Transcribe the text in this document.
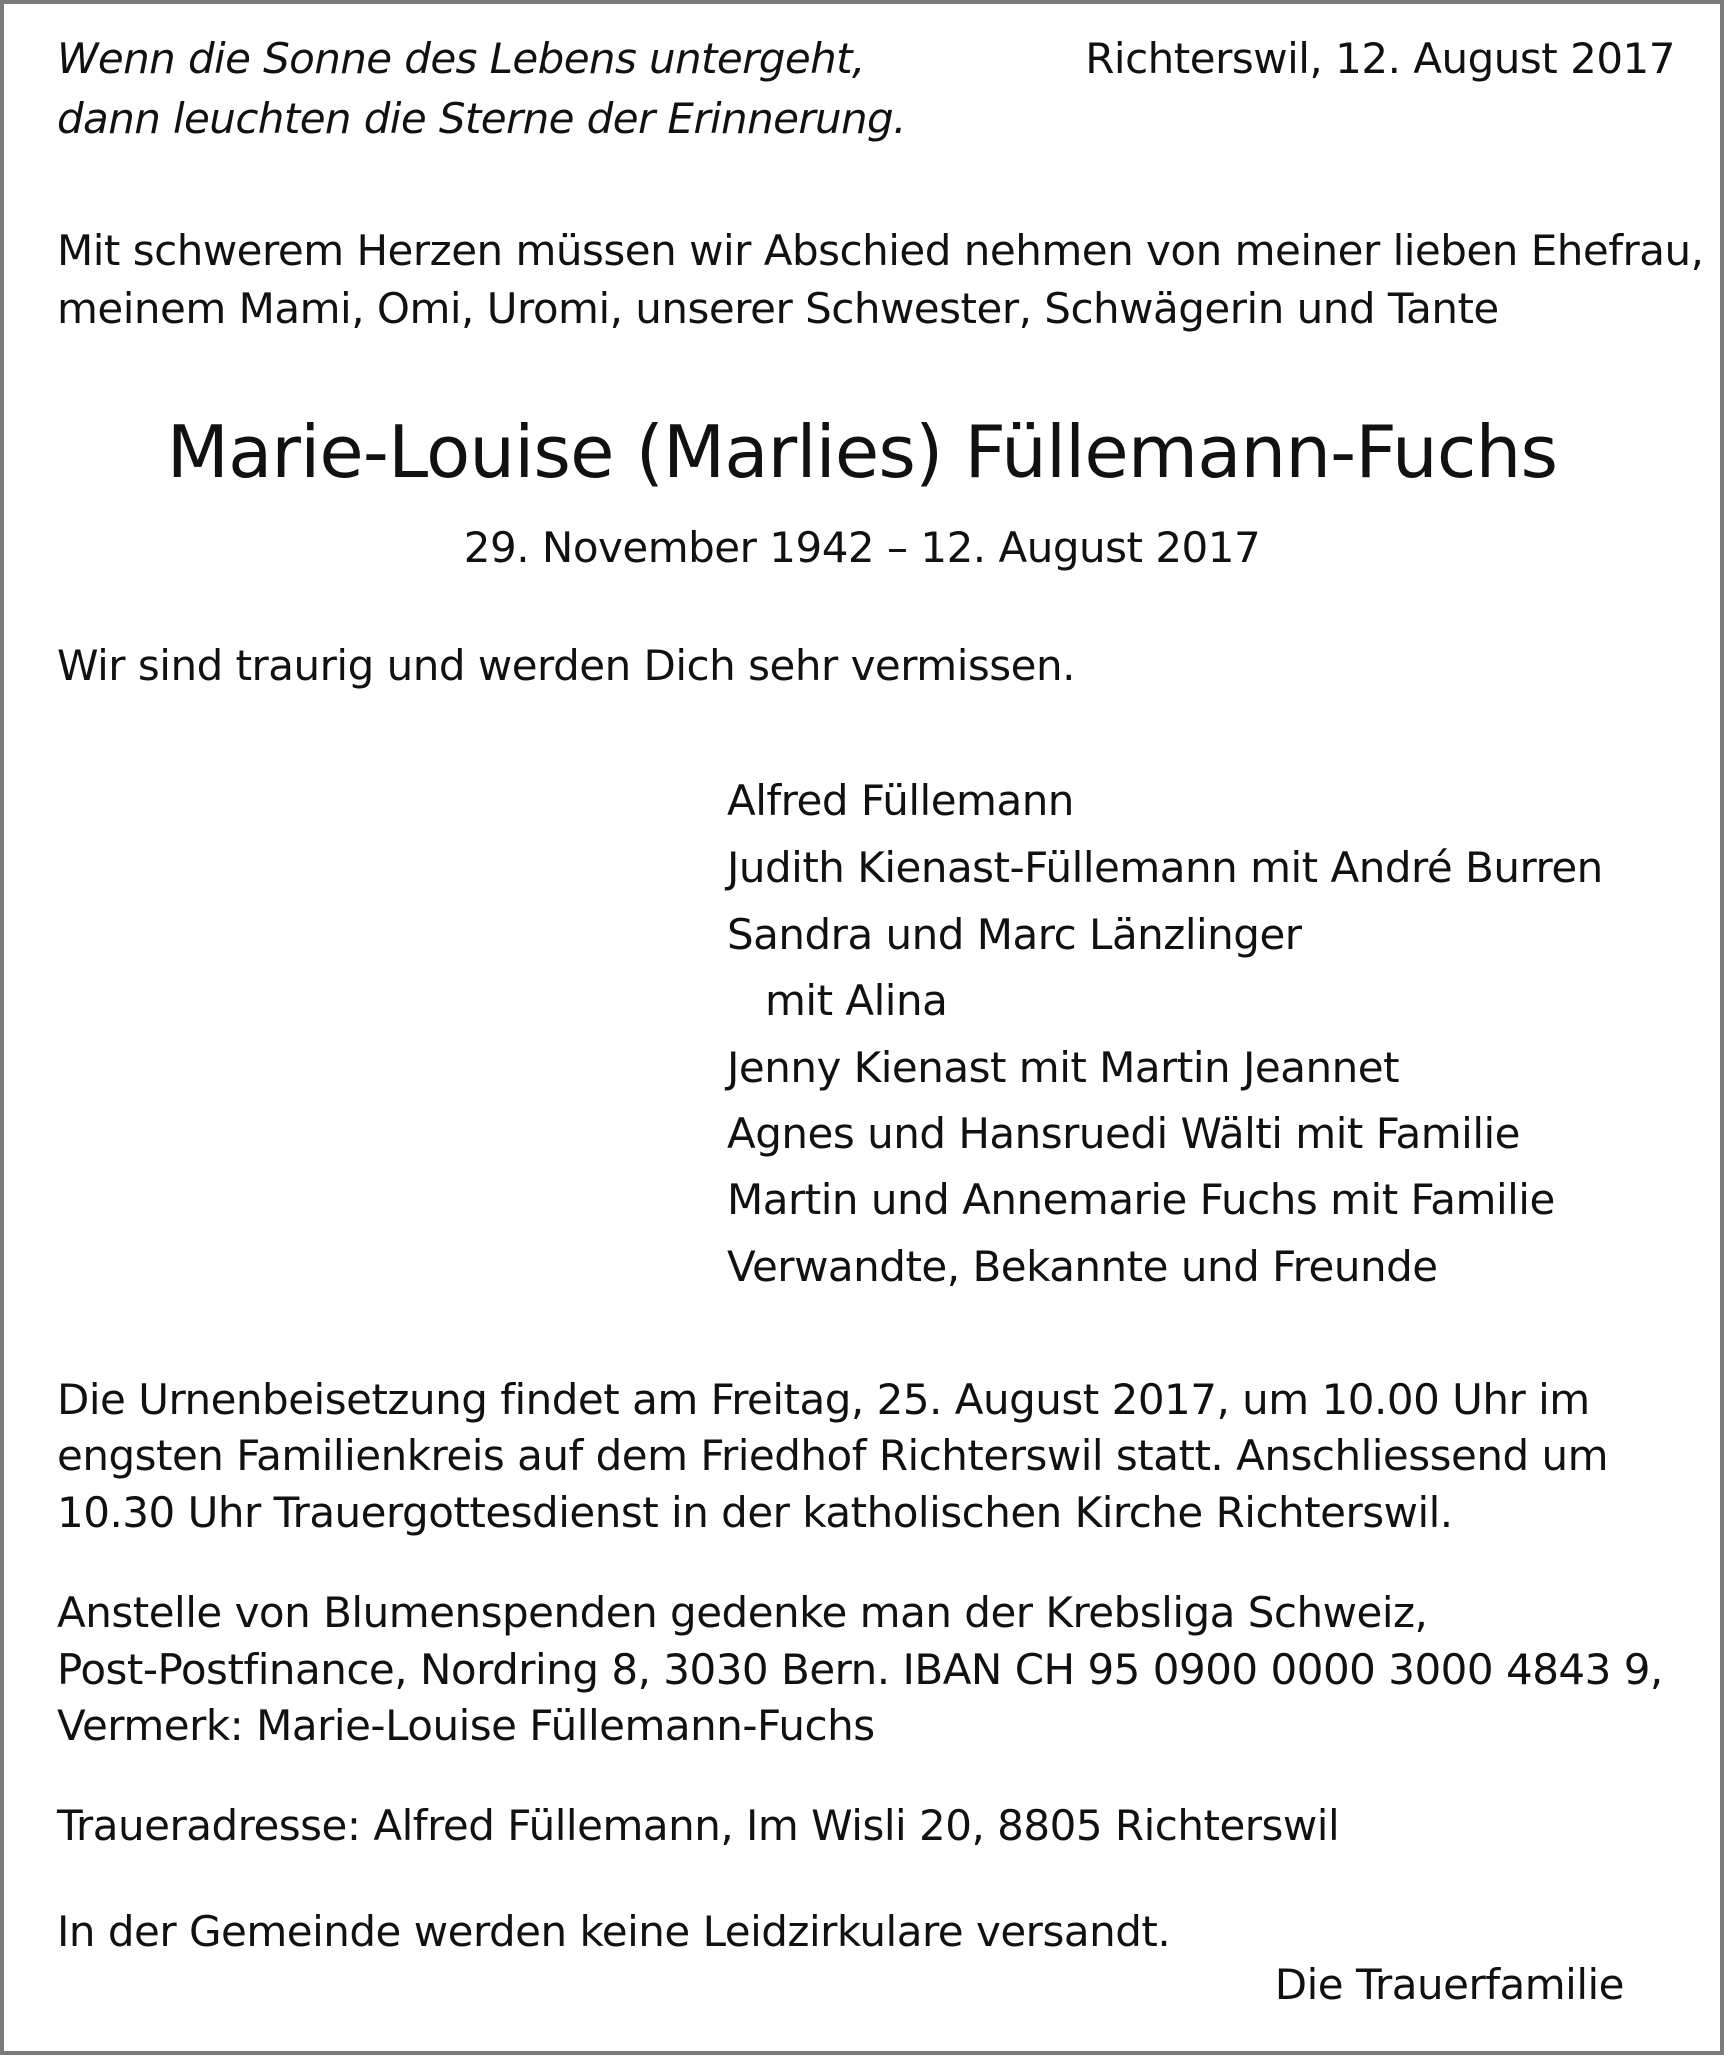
Wenn die Sonne des Lebens untergeht,
dann leuchten die Sterne der Erinnerung.
Richterswil, 12. August 2017
Mit schwerem Herzen müssen wir Abschied nehmen von meiner lieben Ehefrau,
meinem Mami, Omi, Uromi, unserer Schwester, Schwägerin und Tante
Marie-Louise (Marlies) Füllemann-Fuchs
29. November 1942 – 12. August 2017
Wir sind traurig und werden Dich sehr vermissen.
Alfred Füllemann
Judith Kienast-Füllemann mit André Burren
Sandra und Marc Länzlinger
mit Alina
Jenny Kienast mit Martin Jeannet
Agnes und Hansruedi Wälti mit Familie
Martin und Annemarie Fuchs mit Familie
Verwandte, Bekannte und Freunde
Die Urnenbeisetzung findet am Freitag, 25. August 2017, um 10.00 Uhr im
engsten Familienkreis auf dem Friedhof Richterswil statt. Anschliessend um
10.30 Uhr Trauergottesdienst in der katholischen Kirche Richterswil.
Anstelle von Blumenspenden gedenke man der Krebsliga Schweiz,
Post-Postfinance, Nordring 8, 3030 Bern. IBAN CH 95 0900 0000 3000 4843 9,
Vermerk: Marie-Louise Füllemann-Fuchs
Traueradresse: Alfred Füllemann, Im Wisli 20, 8805 Richterswil
In der Gemeinde werden keine Leidzirkulare versandt.
Die Trauerfamilie
